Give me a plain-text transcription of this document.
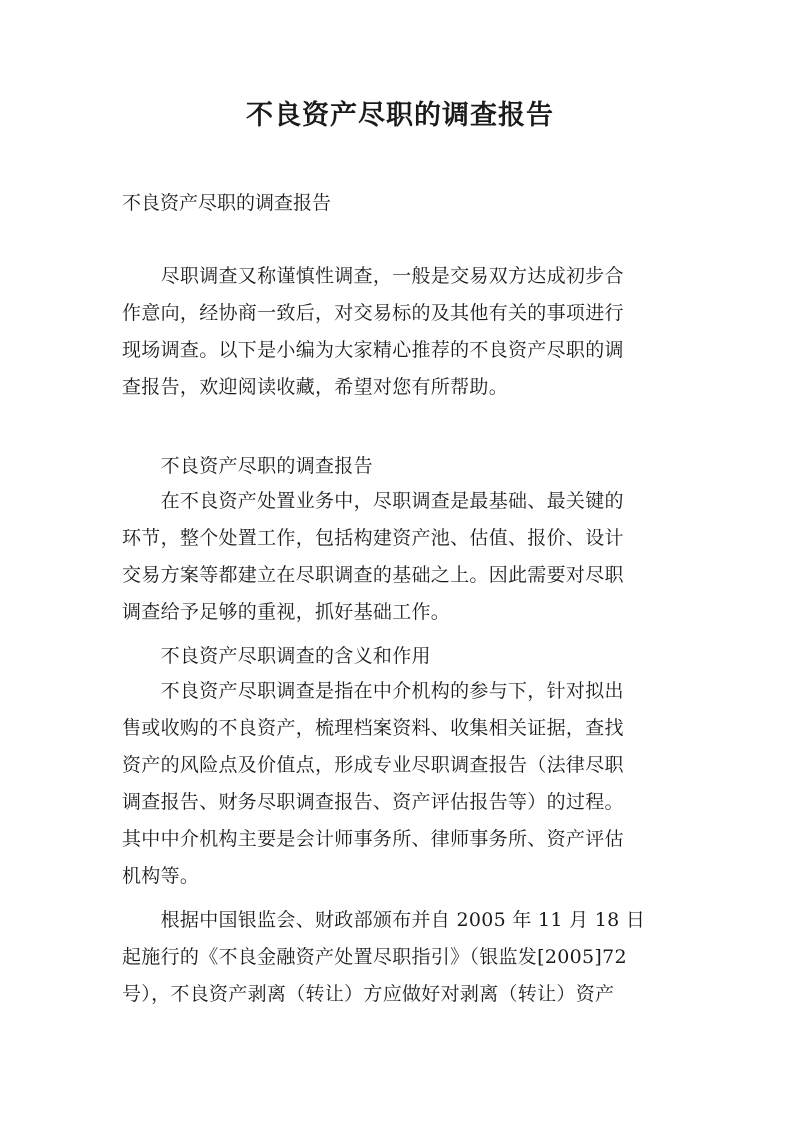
不良资产尽职的调查报告

不良资产尽职的调查报告

　　尽职调查又称谨慎性调查，一般是交易双方达成初步合

作意向，经协商一致后，对交易标的及其他有关的事项进行

现场调查。以下是小编为大家精心推荐的不良资产尽职的调

查报告，欢迎阅读收藏，希望对您有所帮助。

　　不良资产尽职的调查报告

　　在不良资产处置业务中，尽职调查是最基础、最关键的

环节，整个处置工作，包括构建资产池、估值、报价、设计

交易方案等都建立在尽职调查的基础之上。因此需要对尽职

调查给予足够的重视，抓好基础工作。

　　不良资产尽职调查的含义和作用

　　不良资产尽职调查是指在中介机构的参与下，针对拟出

售或收购的不良资产，梳理档案资料、收集相关证据，查找

资产的风险点及价值点，形成专业尽职调查报告（法律尽职

调查报告、财务尽职调查报告、资产评估报告等）的过程。

其中中介机构主要是会计师事务所、律师事务所、资产评估

机构等。

　　根据中国银监会、财政部颁布并自 2005 年 11 月 18 日

起施行的《不良金融资产处置尽职指引》（银监发[2005]72

号），不良资产剥离（转让）方应做好对剥离（转让）资产
